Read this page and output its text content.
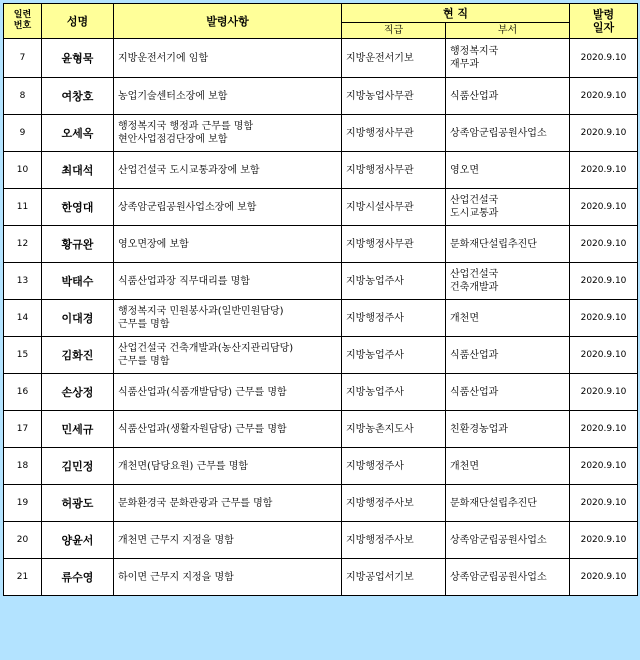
일련
번호	성명	발령사항	현 직		발령
일자
			직급	부서	
7	윤형묵	지방운전서기에 임함	지방운전서기보	행정복지국
재무과	2020.9.10
8	여창호	농업기술센터소장에 보함	지방농업사무관	식품산업과	2020.9.10
9	오세옥	행정복지국 행정과 근무를 명함
현안사업점검단장에 보함	지방행정사무관	상족암군립공원사업소	2020.9.10
10	최대석	산업건설국 도시교통과장에 보함	지방행정사무관	영오면	2020.9.10
11	한영대	상족암군립공원사업소장에 보함	지방시설사무관	산업건설국
도시교통과	2020.9.10
12	황규완	영오면장에 보함	지방행정사무관	문화재단설립추진단	2020.9.10
13	박태수	식품산업과장 직무대리를 명함	지방농업주사	산업건설국
건축개발과	2020.9.10
14	이대경	행정복지국 민원봉사과(일반민원담당)
근무를 명함	지방행정주사	개천면	2020.9.10
15	김화진	산업건설국 건축개발과(농산지관리담당)
근무를 명함	지방농업주사	식품산업과	2020.9.10
16	손상정	식품산업과(식품개발담당) 근무를 명함	지방농업주사	식품산업과	2020.9.10
17	민세규	식품산업과(생활자원담당) 근무를 명함	지방농촌지도사	친환경농업과	2020.9.10
18	김민정	개천면(담당요원) 근무를 명함	지방행정주사	개천면	2020.9.10
19	허광도	문화환경국 문화관광과 근무를 명함	지방행정주사보	문화재단설립추진단	2020.9.10
20	양윤서	개천면 근무지 지정을 명함	지방행정주사보	상족암군립공원사업소	2020.9.10
21	류수영	하이면 근무지 지정을 명함	지방공업서기보	상족암군립공원사업소	2020.9.10
